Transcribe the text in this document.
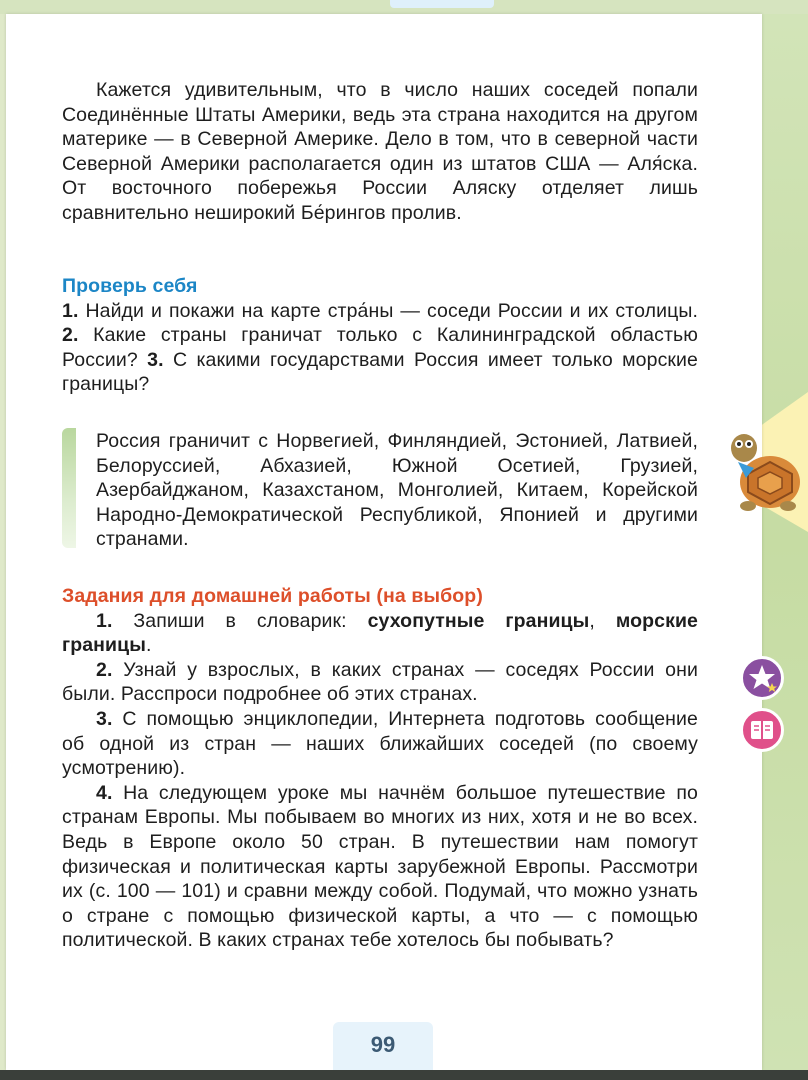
Кажется удивительным, что в число наших соседей попали Соединённые Штаты Америки, ведь эта страна находится на другом материке — в Северной Америке. Дело в том, что в северной части Северной Америки располагается один из штатов США — Аля́ска. От восточного побережья России Аляску отделяет лишь сравнительно неширокий Бе́рингов пролив.

Проверь себя

1. Найди и покажи на карте стра́ны — соседи России и их столицы. 2. Какие страны граничат только с Калининградской областью России? 3. С какими государствами Россия имеет только морские границы?

Россия граничит с Норвегией, Финляндией, Эстонией, Латвией, Белоруссией, Абхазией, Южной Осетией, Грузией, Азербайджаном, Казахстаном, Монголией, Китаем, Корейской Народно-Демократической Республикой, Японией и другими странами.

Задания для домашней работы (на выбор)

1. Запиши в словарик: сухопутные границы, морские границы.

2. Узнай у взрослых, в каких странах — соседях России они были. Расспроси подробнее об этих странах.

3. С помощью энциклопедии, Интернета подготовь сообщение об одной из стран — наших ближайших соседей (по своему усмотрению).

4. На следующем уроке мы начнём большое путешествие по странам Европы. Мы побываем во многих из них, хотя и не во всех. Ведь в Европе около 50 стран. В путешествии нам помогут физическая и политическая карты зарубежной Европы. Рассмотри их (с. 100 — 101) и сравни между собой. Подумай, что можно узнать о стране с помощью физической карты, а что — с помощью политической. В каких странах тебе хотелось бы побывать?

99
